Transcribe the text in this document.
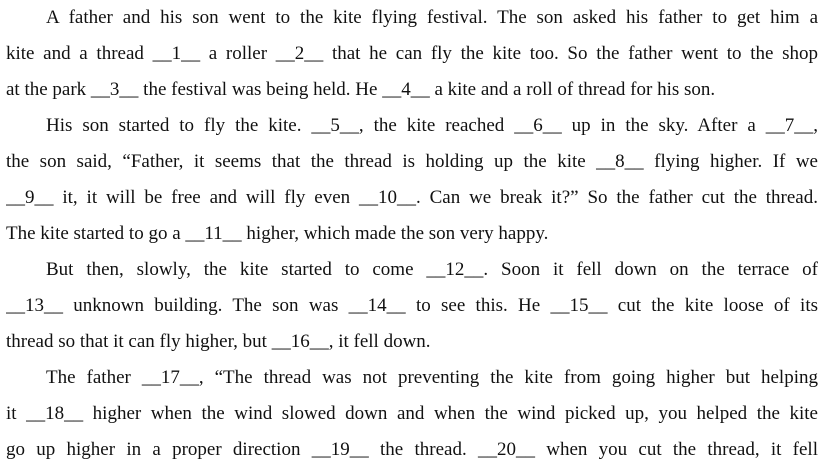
A father and his son went to the kite flying festival. The son asked his father to get him a
kite and a thread __1__ a roller __2__ that he can fly the kite too. So the father went to the shop
at the park __3__ the festival was being held. He __4__ a kite and a roll of thread for his son.
His son started to fly the kite. __5__, the kite reached __6__ up in the sky. After a __7__,
the son said, “Father, it seems that the thread is holding up the kite __8__ flying higher. If we
__9__ it, it will be free and will fly even __10__. Can we break it?” So the father cut the thread.
The kite started to go a __11__ higher, which made the son very happy.
But then, slowly, the kite started to come __12__. Soon it fell down on the terrace of
__13__ unknown building. The son was __14__ to see this. He __15__ cut the kite loose of its
thread so that it can fly higher, but __16__, it fell down.
The father __17__, “The thread was not preventing the kite from going higher but helping
it __18__ higher when the wind slowed down and when the wind picked up, you helped the kite
go up higher in a proper direction __19__ the thread. __20__ when you cut the thread, it fell
